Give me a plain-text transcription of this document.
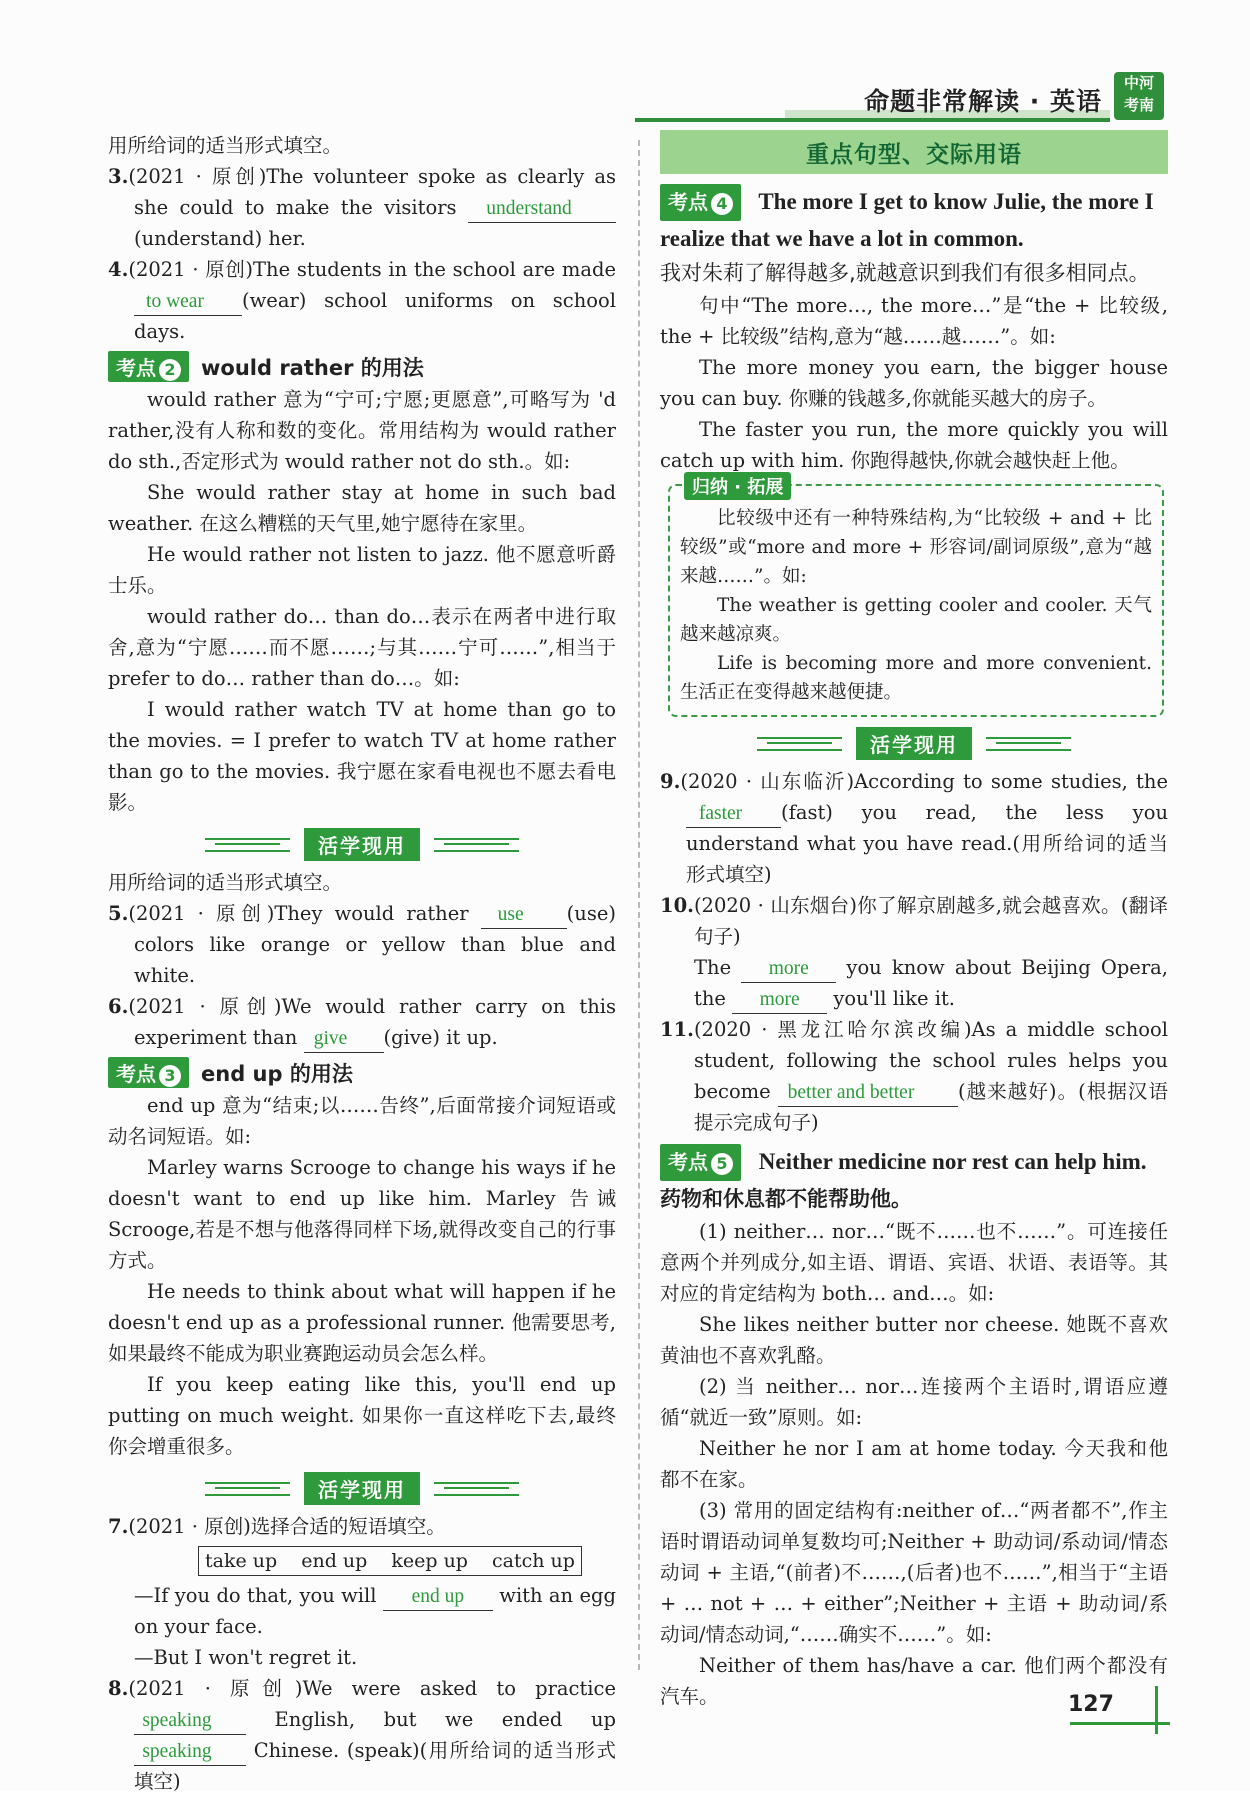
命题非常解读 · 英语
中河
考南

用所给词的适当形式填空。

3.(2021 · 原创)The volunteer spoke as clearly as she could to make the visitors understand(understand) her.

4.(2021 · 原创)The students in the school are made to wear (wear) school uniforms on school days.

考点 2	would rather 的用法

would rather 意为“宁可;宁愿;更愿意”,可略写为 'd rather,没有人称和数的变化。常用结构为 would rather do sth.,否定形式为 would rather not do sth.。如:

She would rather stay at home in such bad weather. 在这么糟糕的天气里,她宁愿待在家里。

He would rather not listen to jazz. 他不愿意听爵士乐。

would rather do… than do…表示在两者中进行取舍,意为“宁愿……而不愿……;与其……宁可……”,相当于 prefer to do… rather than do…。如:

I would rather watch TV at home than go to the movies. = I prefer to watch TV at home rather than go to the movies. 我宁愿在家看电视也不愿去看电影。

活学现用

用所给词的适当形式填空。

5.(2021 · 原创)They would rather use (use) colors like orange or yellow than blue and white.

6.(2021 · 原创)We would rather carry on this experiment than give (give) it up.

考点 3	end up 的用法

end up 意为“结束;以……告终”,后面常接介词短语或动名词短语。如:

Marley warns Scrooge to change his ways if he doesn't want to end up like him. Marley 告诫 Scrooge,若是不想与他落得同样下场,就得改变自己的行事方式。

He needs to think about what will happen if he doesn't end up as a professional runner. 他需要思考,如果最终不能成为职业赛跑运动员会怎么样。

If you keep eating like this, you'll end up putting on much weight. 如果你一直这样吃下去,最终你会增重很多。

活学现用

7.(2021 · 原创)选择合适的短语填空。

take up end up keep up catch up

—If you do that, you will end up with an egg on your face.

—But I won't regret it.

8.(2021 · 原创)We were asked to practice speaking	English, but we ended up speaking Chinese. (speak)(用所给词的适当形式填空)

重点句型、交际用语
考点 4 The more I get to know Julie, the more I realize that we have a lot in common.

我对朱莉了解得越多,就越意识到我们有很多相同点。

句中“The more…, the more…”是“the + 比较级, the + 比较级”结构,意为“越……越……”。如:

The more money you earn, the bigger house you can buy. 你赚的钱越多,你就能买越大的房子。

The faster you run, the more quickly you will catch up with him. 你跑得越快,你就会越快赶上他。

归纳 · 拓展

比较级中还有一种特殊结构,为“比较级 + and + 比较级”或“more and more + 形容词/副词原级”,意为“越来越……”。如:

The weather is getting cooler and cooler. 天气越来越凉爽。

Life is becoming more and more convenient. 生活正在变得越来越便捷。

活学现用

9.(2020 · 山东临沂)According to some studies, the faster (fast) you read, the less you understand what you have read.(用所给词的适当形式填空)

10.(2020 · 山东烟台)你了解京剧越多,就会越喜欢。(翻译句子)

The more you know about Beijing Opera, the more you'll like it.

11.(2020 · 黑龙江哈尔滨改编)As a middle school student, following the school rules helps you become better and better (越来越好)。(根据汉语提示完成句子)

考点 5 Neither medicine nor rest can help him. 药物和休息都不能帮助他。

(1) neither… nor…“既不……也不……”。可连接任意两个并列成分,如主语、谓语、宾语、状语、表语等。其对应的肯定结构为 both… and…。如:

She likes neither butter nor cheese. 她既不喜欢黄油也不喜欢乳酪。

(2) 当 neither… nor…连接两个主语时,谓语应遵循“就近一致”原则。如:

Neither he nor I am at home today. 今天我和他都不在家。

(3) 常用的固定结构有:neither of…“两者都不”,作主语时谓语动词单复数均可;Neither + 助动词/系动词/情态动词 + 主语,“(前者)不……,(后者)也不……”,相当于“主语 + … not + … + either”;Neither + 主语 + 助动词/系动词/情态动词,“……确实不……”。如:

Neither of them has/have a car. 他们两个都没有汽车。	127
